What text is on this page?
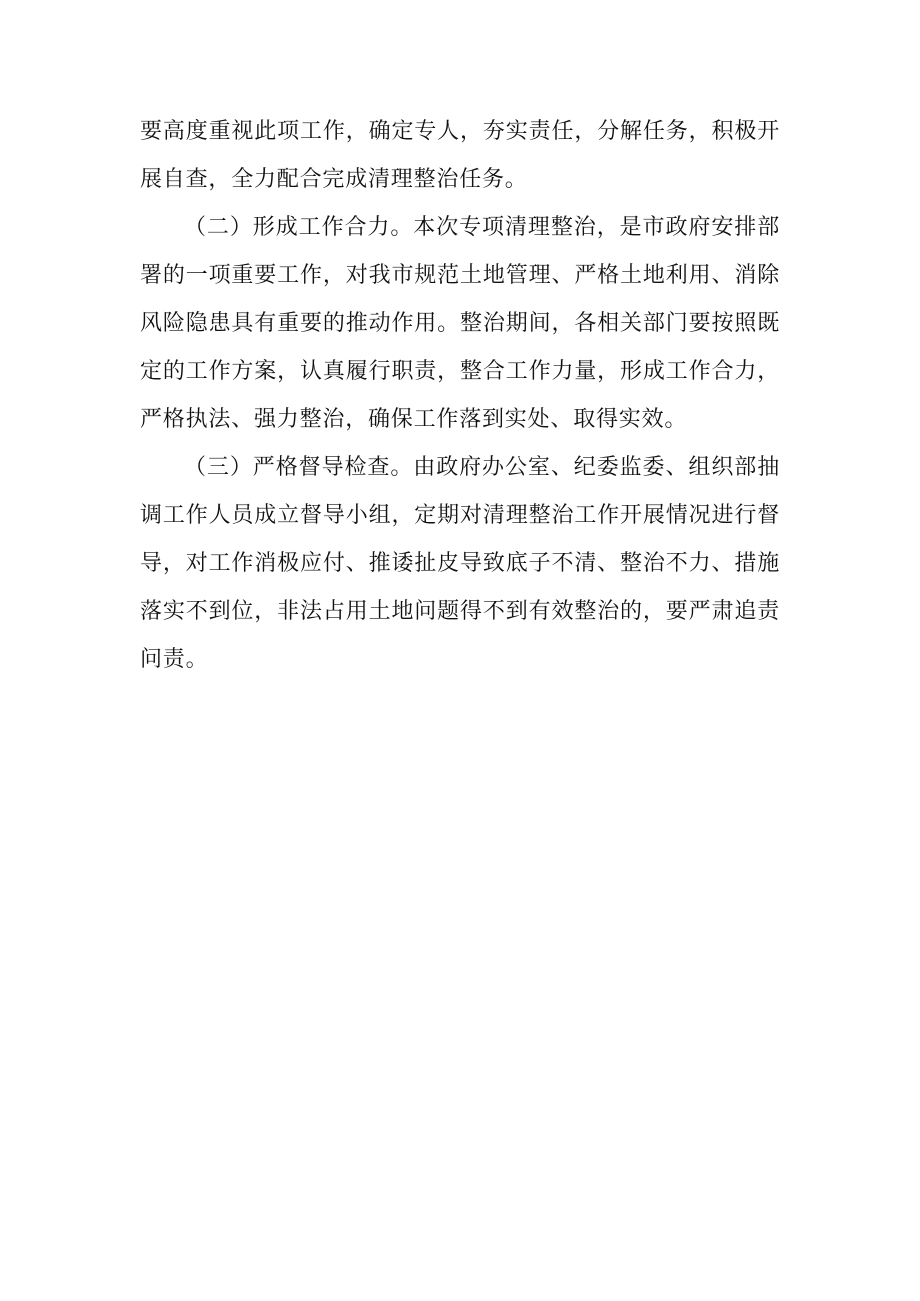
要高度重视此项工作，确定专人，夯实责任，分解任务，积极开展自查，全力配合完成清理整治任务。

（二）形成工作合力。本次专项清理整治，是市政府安排部署的一项重要工作，对我市规范土地管理、严格土地利用、消除风险隐患具有重要的推动作用。整治期间，各相关部门要按照既定的工作方案，认真履行职责，整合工作力量，形成工作合力，严格执法、强力整治，确保工作落到实处、取得实效。

（三）严格督导检查。由政府办公室、纪委监委、组织部抽调工作人员成立督导小组，定期对清理整治工作开展情况进行督导，对工作消极应付、推诿扯皮导致底子不清、整治不力、措施落实不到位，非法占用土地问题得不到有效整治的，要严肃追责问责。
